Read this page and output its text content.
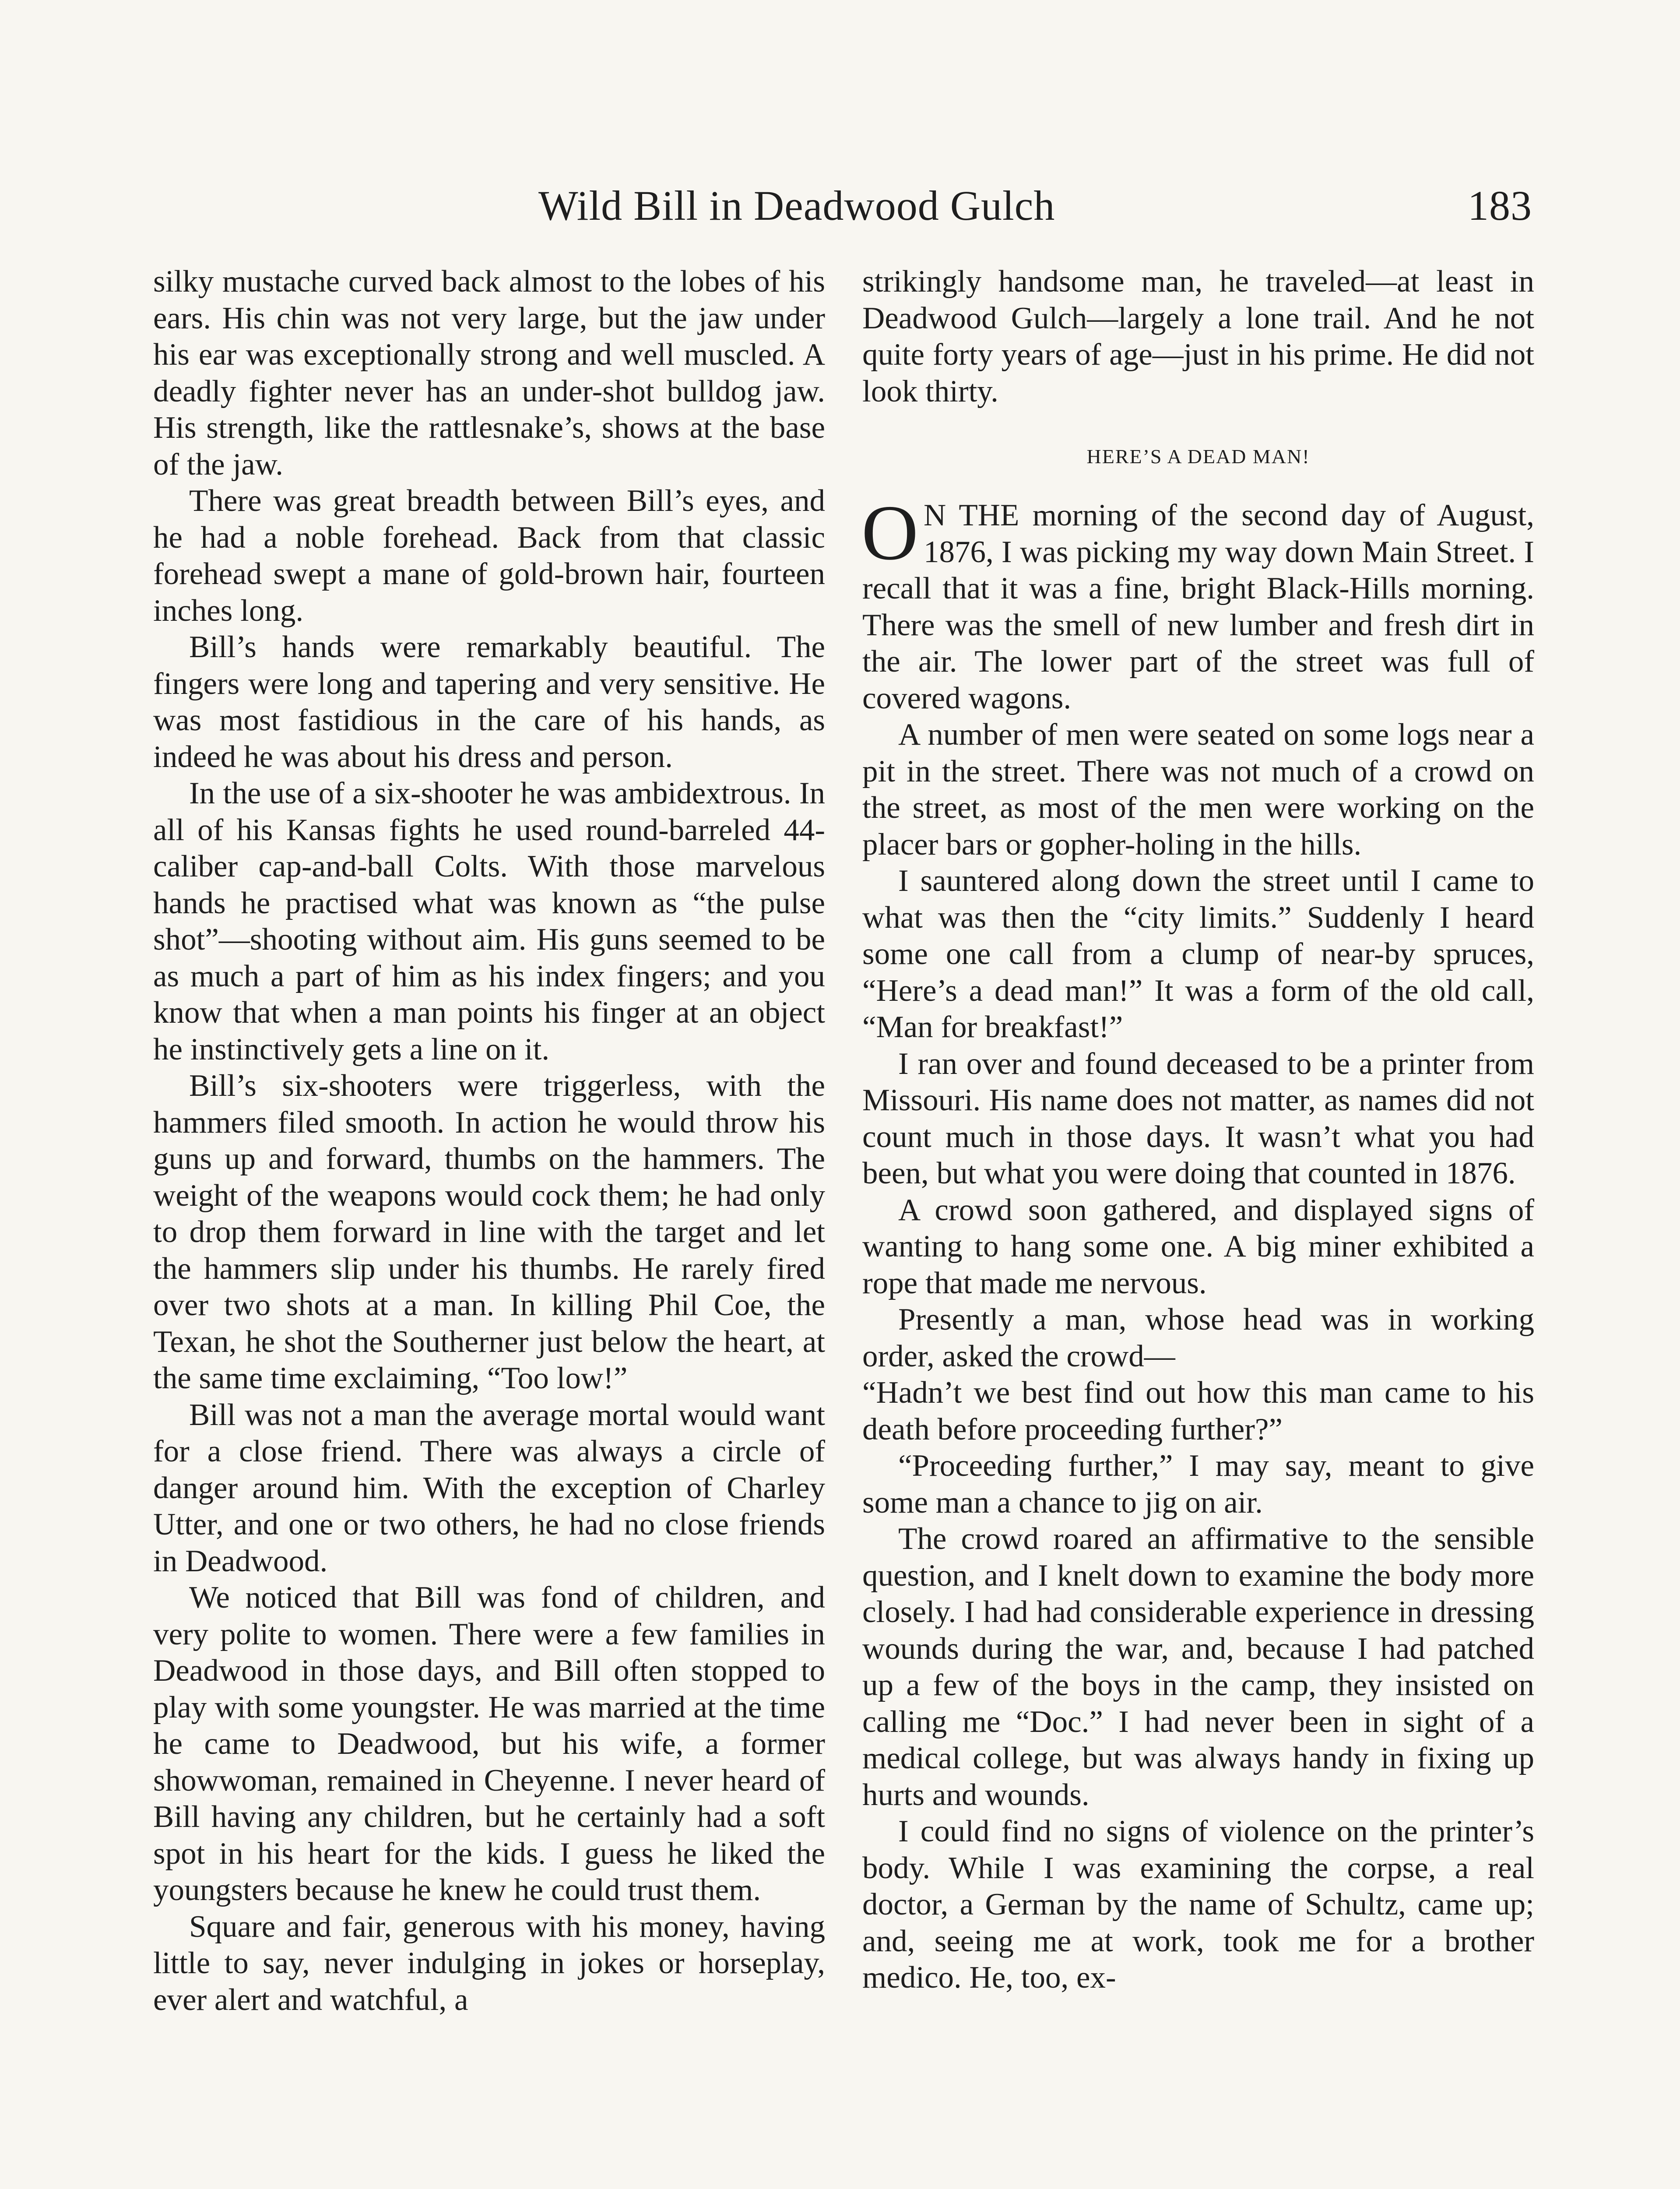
Wild Bill in Deadwood Gulch	183

silky mustache curved back almost to the lobes of his ears. His chin was not very large, but the jaw under his ear was exceptionally strong and well muscled. A deadly fighter never has an under-shot bulldog jaw. His strength, like the rattlesnake’s, shows at the base of the jaw.

There was great breadth between Bill’s eyes, and he had a noble forehead. Back from that classic forehead swept a mane of gold-brown hair, fourteen inches long.

Bill’s hands were remarkably beautiful. The fingers were long and tapering and very sensitive. He was most fastidious in the care of his hands, as indeed he was about his dress and person.

In the use of a six-shooter he was ambidextrous. In all of his Kansas fights he used round-barreled 44-caliber cap-and-ball Colts. With those marvelous hands he practised what was known as “the pulse shot”—shooting without aim. His guns seemed to be as much a part of him as his index fingers; and you know that when a man points his finger at an object he instinctively gets a line on it.

Bill’s six-shooters were triggerless, with the hammers filed smooth. In action he would throw his guns up and forward, thumbs on the hammers. The weight of the weapons would cock them; he had only to drop them forward in line with the target and let the hammers slip under his thumbs. He rarely fired over two shots at a man. In killing Phil Coe, the Texan, he shot the Southerner just below the heart, at the same time exclaiming, “Too low!”

Bill was not a man the average mortal would want for a close friend. There was always a circle of danger around him. With the exception of Charley Utter, and one or two others, he had no close friends in Deadwood.

We noticed that Bill was fond of children, and very polite to women. There were a few families in Deadwood in those days, and Bill often stopped to play with some youngster. He was married at the time he came to Deadwood, but his wife, a former showwoman, remained in Cheyenne. I never heard of Bill having any children, but he certainly had a soft spot in his heart for the kids. I guess he liked the youngsters because he knew he could trust them.

Square and fair, generous with his money, having little to say, never indulging in jokes or horseplay, ever alert and watchful, a

strikingly handsome man, he traveled—at least in Deadwood Gulch—largely a lone trail. And he not quite forty years of age—just in his prime. He did not look thirty.

HERE’S A DEAD MAN!

O N THE morning of the second day of August, 1876, I was picking my way down Main Street. I recall that it was a fine, bright Black-Hills morning. There was the smell of new lumber and fresh dirt in the air. The lower part of the street was full of covered wagons.

A number of men were seated on some logs near a pit in the street. There was not much of a crowd on the street, as most of the men were working on the placer bars or gopher-holing in the hills.

I sauntered along down the street until I came to what was then the “city limits.” Suddenly I heard some one call from a clump of near-by spruces, “Here’s a dead man!” It was a form of the old call, “Man for breakfast!”

I ran over and found deceased to be a printer from Missouri. His name does not matter, as names did not count much in those days. It wasn’t what you had been, but what you were doing that counted in 1876.

A crowd soon gathered, and displayed signs of wanting to hang some one. A big miner exhibited a rope that made me nervous.

Presently a man, whose head was in working order, asked the crowd—

“Hadn’t we best find out how this man came to his death before proceeding further?”

“Proceeding further,” I may say, meant to give some man a chance to jig on air.

The crowd roared an affirmative to the sensible question, and I knelt down to examine the body more closely. I had had considerable experience in dressing wounds during the war, and, because I had patched up a few of the boys in the camp, they insisted on calling me “Doc.” I had never been in sight of a medical college, but was always handy in fixing up hurts and wounds.

I could find no signs of violence on the printer’s body. While I was examining the corpse, a real doctor, a German by the name of Schultz, came up; and, seeing me at work, took me for a brother medico. He, too, ex-
